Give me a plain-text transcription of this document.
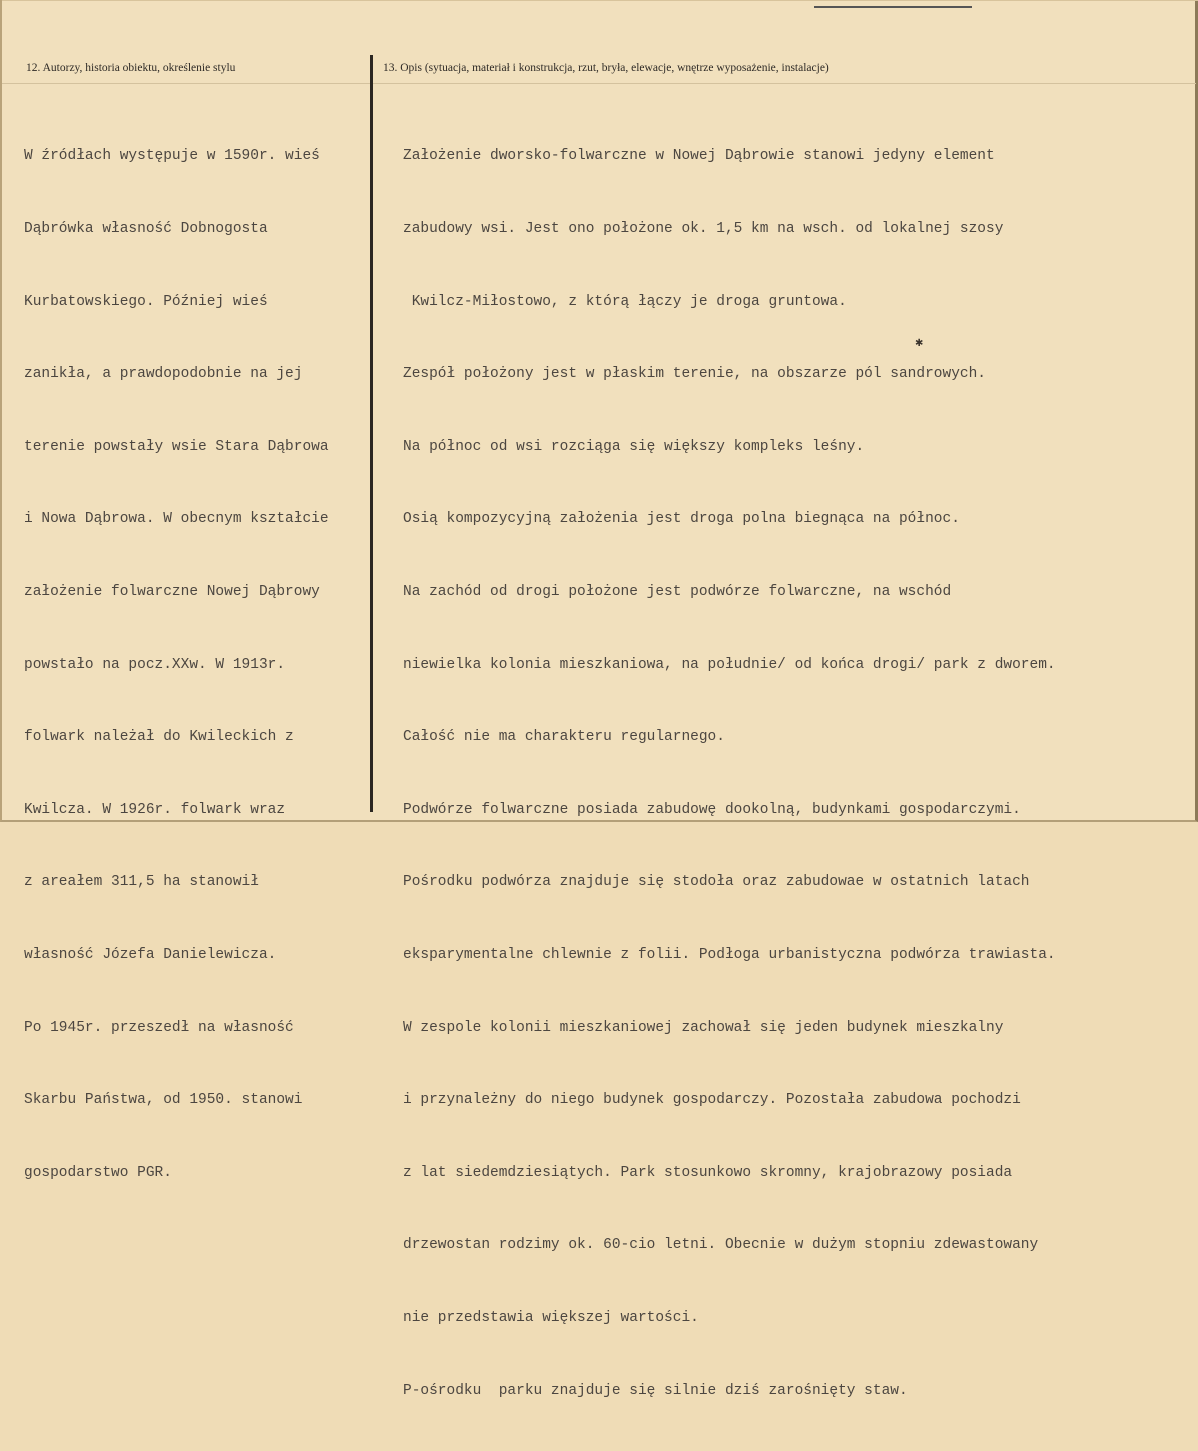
12. Autorzy, historia obiektu, określenie stylu	13. Opis (sytuacja, materiał i konstrukcja, rzut, bryła, elewacje, wnętrze wyposażenie, instalacje)

W źródłach występuje w 1590r. wieś

Dąbrówka własność Dobnogosta

Kurbatowskiego. Później wieś

zanikła, a prawdopodobnie na jej

terenie powstały wsie Stara Dąbrowa

i Nowa Dąbrowa. W obecnym kształcie

założenie folwarczne Nowej Dąbrowy

powstało na pocz.XXw. W 1913r.

folwark należał do Kwileckich z

Kwilcza. W 1926r. folwark wraz

z areałem 311,5 ha stanowił

własność Józefa Danielewicza.

Po 1945r. przeszedł na własność

Skarbu Państwa, od 1950. stanowi

gospodarstwo PGR.

Założenie dworsko-folwarczne w Nowej Dąbrowie stanowi jedyny element

zabudowy wsi. Jest ono położone ok. 1,5 km na wsch. od lokalnej szosy

Kwilcz-Miłostowo, z którą łączy je droga gruntowa.

Zespół położony jest w płaskim terenie, na obszarze pól sandrowych.

Na północ od wsi rozciąga się większy kompleks leśny.

Osią kompozycyjną założenia jest droga polna biegnąca na północ.

Na zachód od drogi położone jest podwórze folwarczne, na wschód

niewielka kolonia mieszkaniowa, na południe/ od końca drogi/ park z dworem.

Całość nie ma charakteru regularnego.

Podwórze folwarczne posiada zabudowę dookolną, budynkami gospodarczymi.

Pośrodku podwórza znajduje się stodoła oraz zabudowae w ostatnich latach

eksparymentalne chlewnie z folii. Podłoga urbanistyczna podwórza trawiasta.

W zespole kolonii mieszkaniowej zachował się jeden budynek mieszkalny

i przynależny do niego budynek gospodarczy. Pozostała zabudowa pochodzi

z lat siedemdziesiątych. Park stosunkowo skromny, krajobrazowy posiada

drzewostan rodzimy ok. 60-cio letni. Obecnie w dużym stopniu zdewastowany

nie przedstawia większej wartości.

P-ośrodku  parku znajduje się silnie dziś zarośnięty staw.

✱
